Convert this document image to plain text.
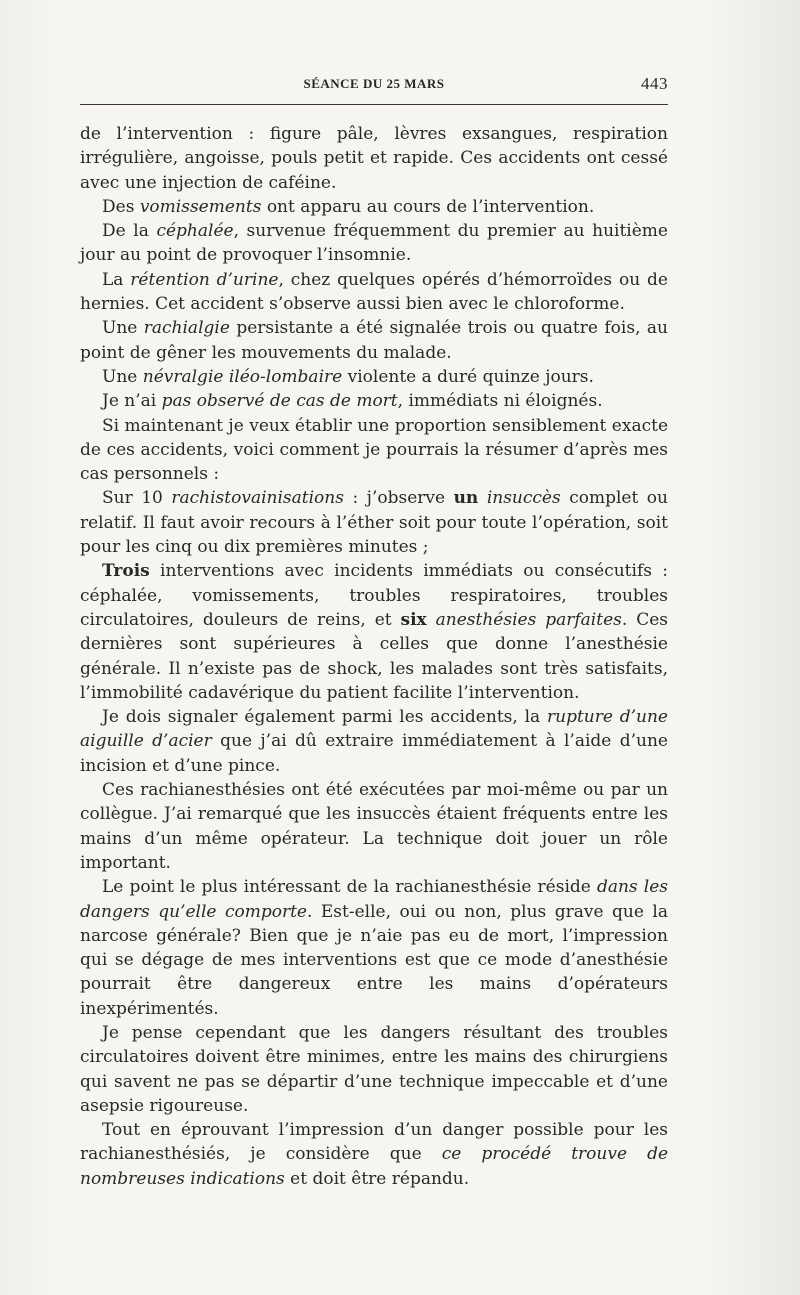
SÉANCE DU 25 MARS	443

de l’intervention : figure pâle, lèvres exsangues, respiration irrégulière, angoisse, pouls petit et rapide. Ces accidents ont cessé avec une injection de caféine.

Des vomissements ont apparu au cours de l’intervention.

De la céphalée, survenue fréquemment du premier au huitième jour au point de provoquer l’insomnie.

La rétention d’urine, chez quelques opérés d’hémorroïdes ou de hernies. Cet accident s’observe aussi bien avec le chloroforme.

Une rachialgie persistante a été signalée trois ou quatre fois, au point de gêner les mouvements du malade.

Une névralgie iléo-lombaire violente a duré quinze jours.

Je n’ai pas observé de cas de mort, immédiats ni éloignés.

Si maintenant je veux établir une proportion sensiblement exacte de ces accidents, voici comment je pourrais la résumer d’après mes cas personnels :

Sur 10 rachistovainisations : j’observe un insuccès complet ou relatif. Il faut avoir recours à l’éther soit pour toute l’opération, soit pour les cinq ou dix premières minutes ;

Trois interventions avec incidents immédiats ou consécutifs : céphalée, vomissements, troubles respiratoires, troubles circulatoires, douleurs de reins, et six anesthésies parfaites. Ces dernières sont supérieures à celles que donne l’anesthésie générale. Il n’existe pas de shock, les malades sont très satisfaits, l’immobilité cadavérique du patient facilite l’intervention.

Je dois signaler également parmi les accidents, la rupture d’une aiguille d’acier que j’ai dû extraire immédiatement à l’aide d’une incision et d’une pince.

Ces rachianesthésies ont été exécutées par moi-même ou par un collègue. J’ai remarqué que les insuccès étaient fréquents entre les mains d’un même opérateur. La technique doit jouer un rôle important.

Le point le plus intéressant de la rachianesthésie réside dans les dangers qu’elle comporte. Est-elle, oui ou non, plus grave que la narcose générale? Bien que je n’aie pas eu de mort, l’impression qui se dégage de mes interventions est que ce mode d’anesthésie pourrait être dangereux entre les mains d’opérateurs inexpérimentés.

Je pense cependant que les dangers résultant des troubles circulatoires doivent être minimes, entre les mains des chirurgiens qui savent ne pas se départir d’une technique impeccable et d’une asepsie rigoureuse.

Tout en éprouvant l’impression d’un danger possible pour les rachianesthésiés, je considère que ce procédé trouve de nombreuses indications et doit être répandu.
